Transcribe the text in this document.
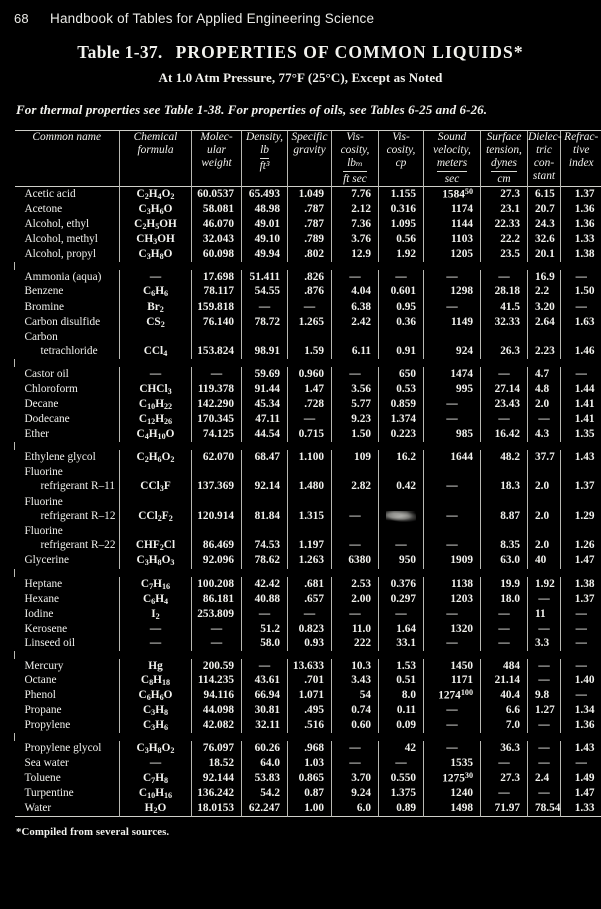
68	Handbook of Tables for Applied Engineering Science
Table 1-37. PROPERTIES OF COMMON LIQUIDS*
At 1.0 Atm Pressure, 77°F (25°C), Except as Noted
For thermal properties see Table 1-38. For properties of oils, see Tables 6-25 and 6-26.

Common name	Chemical
formula

Molec-
ular
weight

Density,
$\frac{lb}{\text{ft³}}$

Specific
gravity

Vis-
cosity,
$\frac{\text{lbₘ}}{\text{ft sec}}$

Vis-
cosity,
cp

Sound
velocity,
$\frac{\text{meters}}{\sec}$

Surface
tension,
$\frac{\text{dynes}}{cm}$

Dielec-
tric
con-
stant

Refrac-
tive
index

Acetic acid	$C_2H_4O_2$	60.0537	65.493	1.049	7.76	1.155	1584$^{50}$	27.3	6.15	1.37
Acetone	$C_3H_6O$	58.081	48.98	.787	2.12	0.316	1174	23.1	20.7	1.36
Alcohol, ethyl	$C_2H_5OH$	46.070	49.01	.787	7.36	1.095	1144	22.33	24.3	1.36
Alcohol, methyl	$CH_3OH$	32.043	49.10	.789	3.76	0.56	1103	22.2	32.6	1.33
Alcohol, propyl	$C_3H_8O$	60.098	49.94	.802	12.9	1.92	1205	23.5	20.1	1.38

Ammonia (aqua)	—	17.698	51.411	.826	—	—	—	—	16.9	—
Benzene	$C_6H_6$	78.117	54.55	.876	4.04	0.601	1298	28.18	2.2	1.50
Bromine	$Br_2$	159.818	—	—	6.38	0.95	—	41.5	3.20	—
Carbon disulfide	$CS_2$	76.140	78.72	1.265	2.42	0.36	1149	32.33	2.64	1.63
Carbon										
tetrachloride	CCl$_4$	153.824	98.91	1.59	6.11	0.91	924	26.3	2.23	1.46

Castor oil	—	—	59.69	0.960	—	650	1474	—	4.7	—
Chloroform	CHCl$_3$	119.378	91.44	1.47	3.56	0.53	995	27.14	4.8	1.44
Decane	$C_{10}H_{22}$	142.290	45.34	.728	5.77	0.859	—	23.43	2.0	1.41
Dodecane	$C_{12}H_{26}$	170.345	47.11	—	9.23	1.374	—	—	—	1.41
Ether	$C_4H_{10}O$	74.125	44.54	0.715	1.50	0.223	985	16.42	4.3	1.35

Ethylene glycol	$C_2H_6O_2$	62.070	68.47	1.100	109	16.2	1644	48.2	37.7	1.43
Fluorine										
refrigerant R–11	CCl$_3$F	137.369	92.14	1.480	2.82	0.42	—	18.3	2.0	1.37
Fluorine										
refrigerant R–12	$CCl_2F_2$	120.914	81.84	1.315	—		—	8.87	2.0	1.29
Fluorine										
refrigerant R–22	$CHF_2Cl$	86.469	74.53	1.197	—	—	—	8.35	2.0	1.26
Glycerine	$C_3H_8O_3$	92.096	78.62	1.263	6380	950	1909	63.0	40	1.47

Heptane	$C_7H_{16}$	100.208	42.42	.681	2.53	0.376	1138	19.9	1.92	1.38
Hexane	$C_6H_4$	86.181	40.88	.657	2.00	0.297	1203	18.0	—	1.37
Iodine	$I_2$	253.809	—	—	—	—	—	—	11	—
Kerosene	—	—	51.2	0.823	11.0	1.64	1320	—	—	—
Linseed oil	—	—	58.0	0.93	222	33.1	—	—	3.3	—

Mercury	Hg	200.59	—	13.633	10.3	1.53	1450	484	—	—
Octane	$C_8H_{18}$	114.235	43.61	.701	3.43	0.51	1171	21.14	—	1.40
Phenol	$C_6H_6O$	94.116	66.94	1.071	54	8.0	1274$^{100}$	40.4	9.8	—
Propane	$C_3H_8$	44.098	30.81	.495	0.74	0.11	—	6.6	1.27	1.34
Propylene	$C_3H_6$	42.082	32.11	.516	0.60	0.09	—	7.0	—	1.36

Propylene glycol	$C_3H_8O_2$	76.097	60.26	.968	—	42	—	36.3	—	1.43
Sea water	—	18.52	64.0	1.03	—	—	1535	—	—	—
Toluene	$C_7H_8$	92.144	53.83	0.865	3.70	0.550	1275$^{30}$	27.3	2.4	1.49
Turpentine	$C_{10}H_{16}$	136.242	54.2	0.87	9.24	1.375	1240	—	—	1.47
Water	$H_2O$	18.0153	62.247	1.00	6.0	0.89	1498	71.97	78.54	1.33

*Compiled from several sources.
